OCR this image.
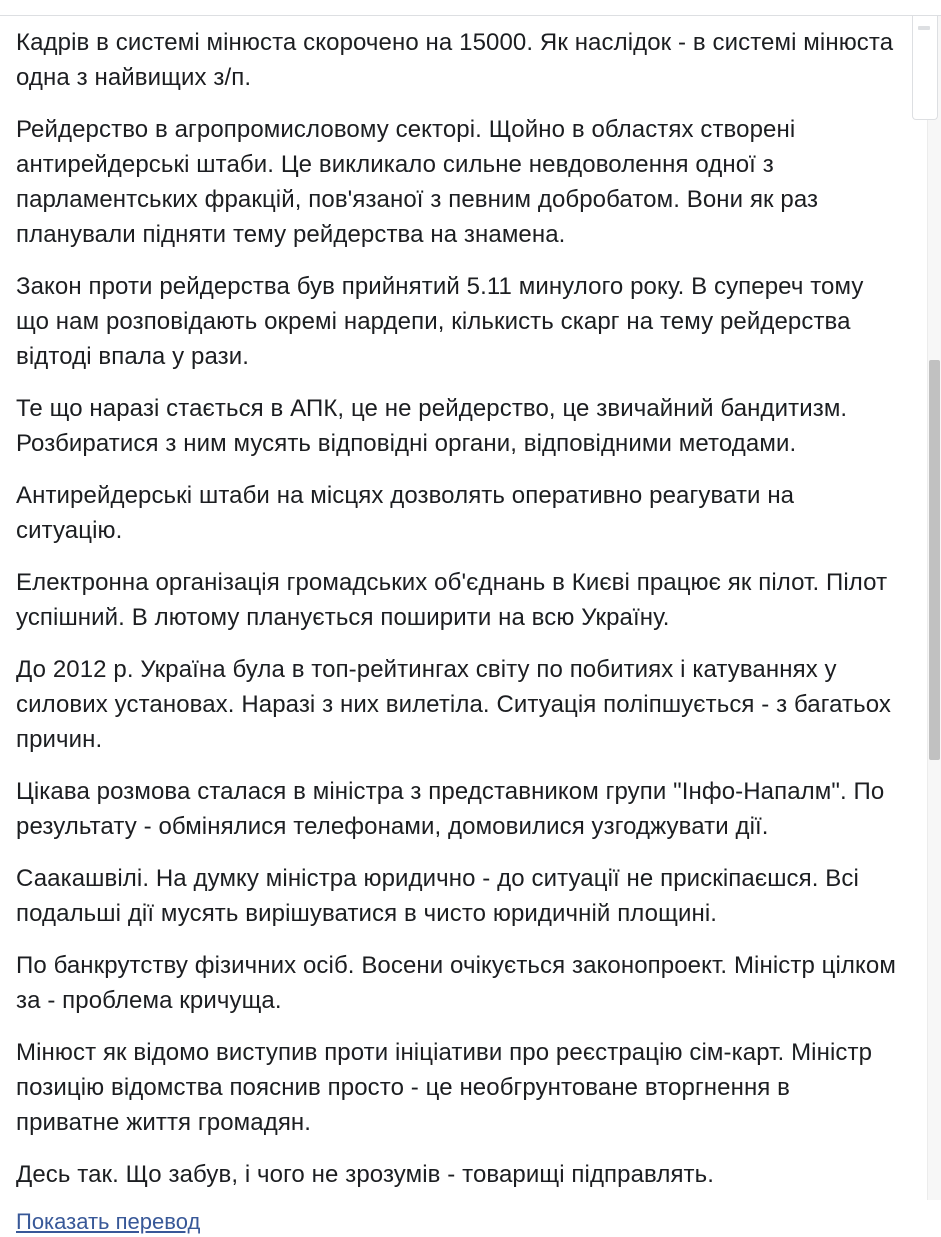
Кадрів в системі мінюста скорочено на 15000. Як наслідок - в системі мінюста одна з найвищих з/п.

Рейдерство в агропромисловому секторі. Щойно в областях створені антирейдерські штаби. Це викликало сильне невдоволення одної з парламентських фракцій, пов'язаної з певним добробатом. Вони як раз планували підняти тему рейдерства на знамена.

Закон проти рейдерства був прийнятий 5.11 минулого року. В супереч тому що нам розповідають окремі нардепи, кількисть скарг на тему рейдерства відтоді впала у рази.

Те що наразі стається в АПК, це не рейдерство, це звичайний бандитизм. Розбиратися з ним мусять відповідні органи, відповідними методами.

Антирейдерські штаби на місцях дозволять оперативно реагувати на ситуацію.

Електронна організація громадських об'єднань в Києві працює як пілот. Пілот успішний. В лютому планується поширити на всю Україну.

До 2012 р. Україна була в топ-рейтингах світу по побитиях і катуваннях у силових установах. Наразі з них вилетіла. Ситуація поліпшується - з багатьох причин.

Цікава розмова сталася в міністра з представником групи "Інфо-Напалм". По результату - обмінялися телефонами, домовилися узгоджувати дії.

Саакашвілі. На думку міністра юридично - до ситуації не прискіпаєшся. Всі подальші дії мусять вирішуватися в чисто юридичній площині.

По банкрутству фізичних осіб. Восени очікується законопроект. Міністр цілком за - проблема кричуща.

Мінюст як відомо виступив проти ініціативи про реєстрацію сім-карт. Міністр позицію відомства пояснив просто - це необгрунтоване вторгнення в приватне життя громадян.

Десь так. Що забув, і чого не зрозумів - товарищі підправлять.

Показать перевод
